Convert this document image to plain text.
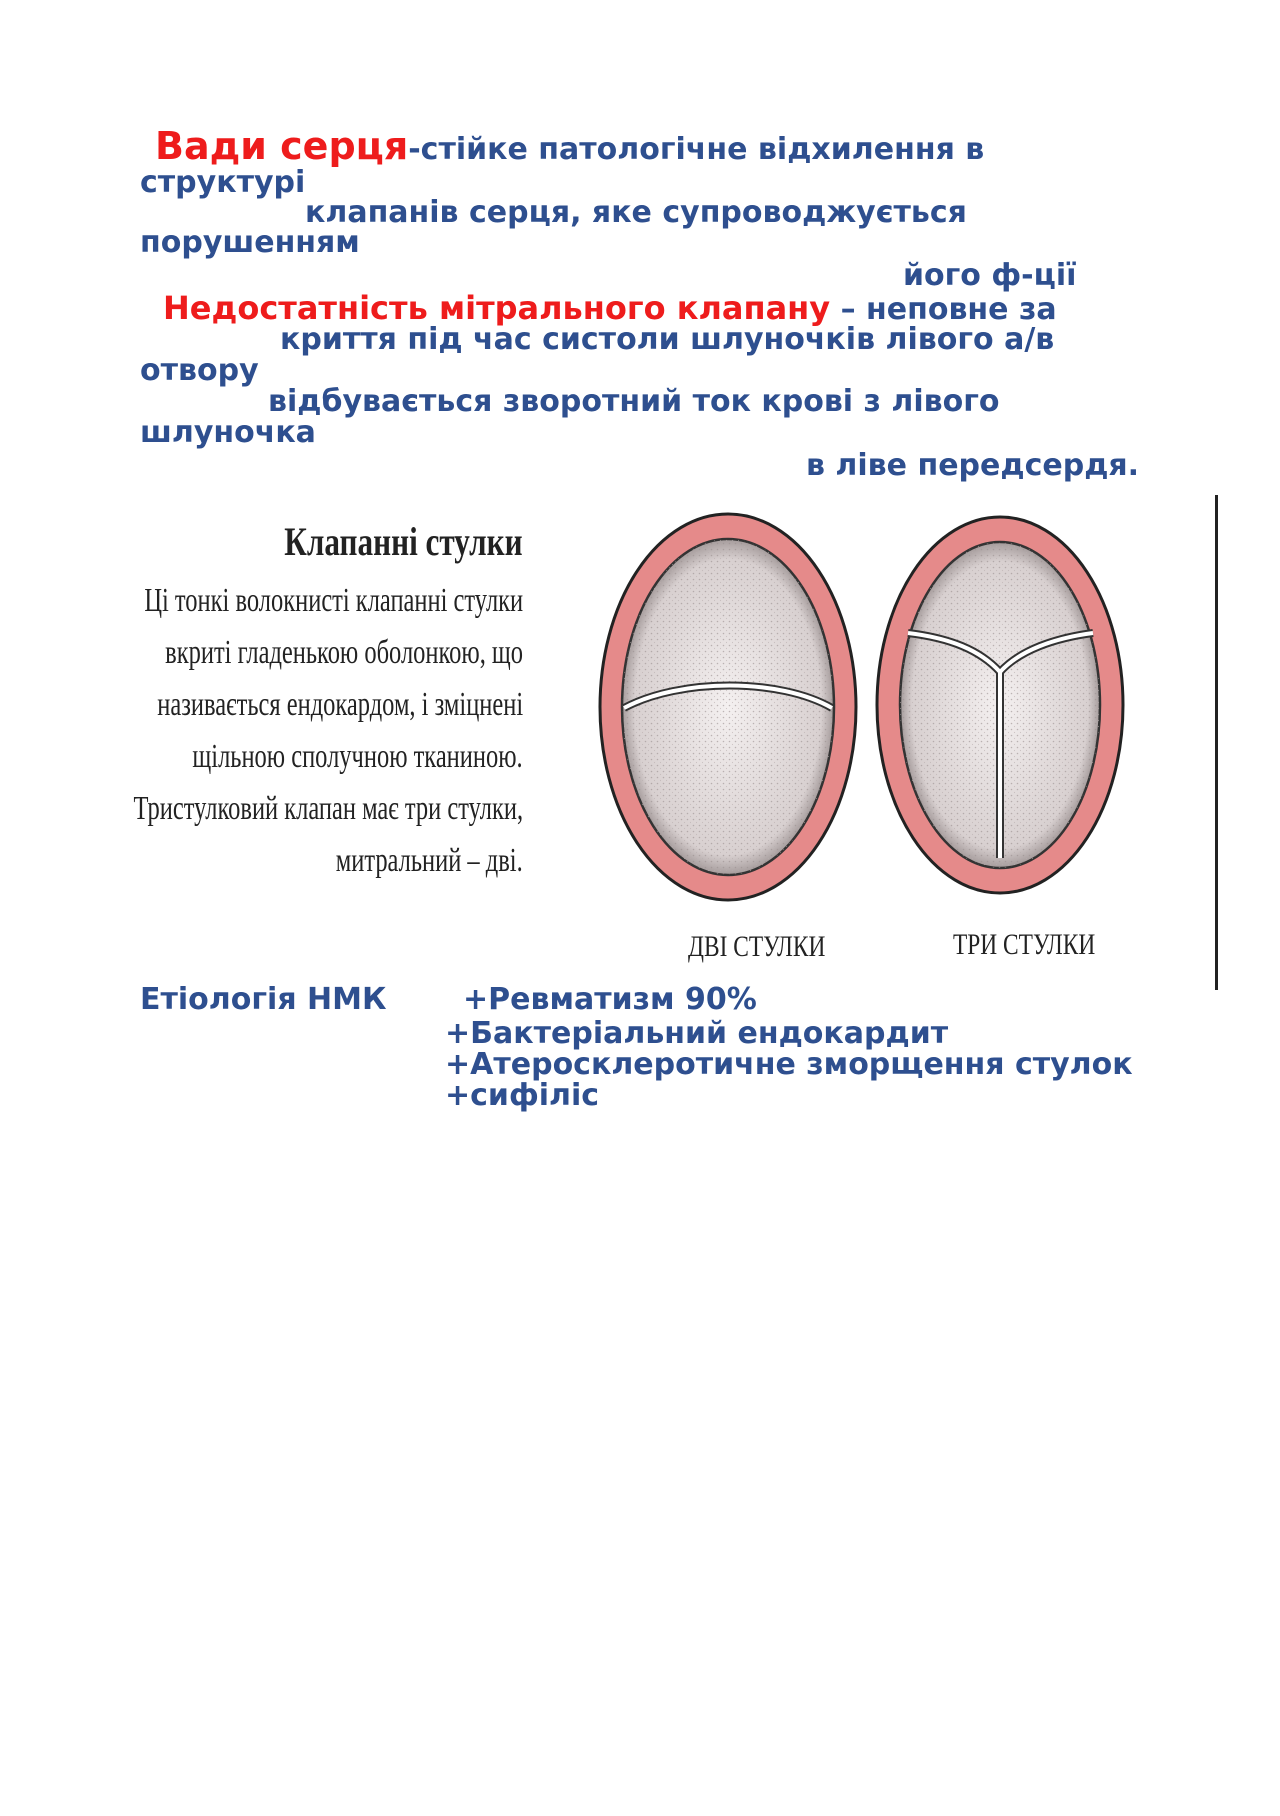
Вади серця-стійке патологічне відхилення в
структурі
клапанів серця, яке супроводжується
порушенням
його ф-ції
Недостатність мітрального клапану – неповне за
криття під час систоли шлуночків лівого а/в
отвору
відбувається зворотний ток крові з лівого
шлуночка
в ліве передсердя.
Клапанні стулки
Ці тонкі волокнисті клапанні стулки
вкриті гладенькою оболонкою, що
називається ендокардом, і зміцнені
щільною сполучною тканиною.
Тристулковий клапан має три стулки,
митральний – дві.
ДВІ СТУЛКИ	ТРИ СТУЛКИ
Етіологія НМК	+Ревматизм 90%
+Бактеріальний ендокардит
+Атеросклеротичне зморщення стулок
+сифіліс
